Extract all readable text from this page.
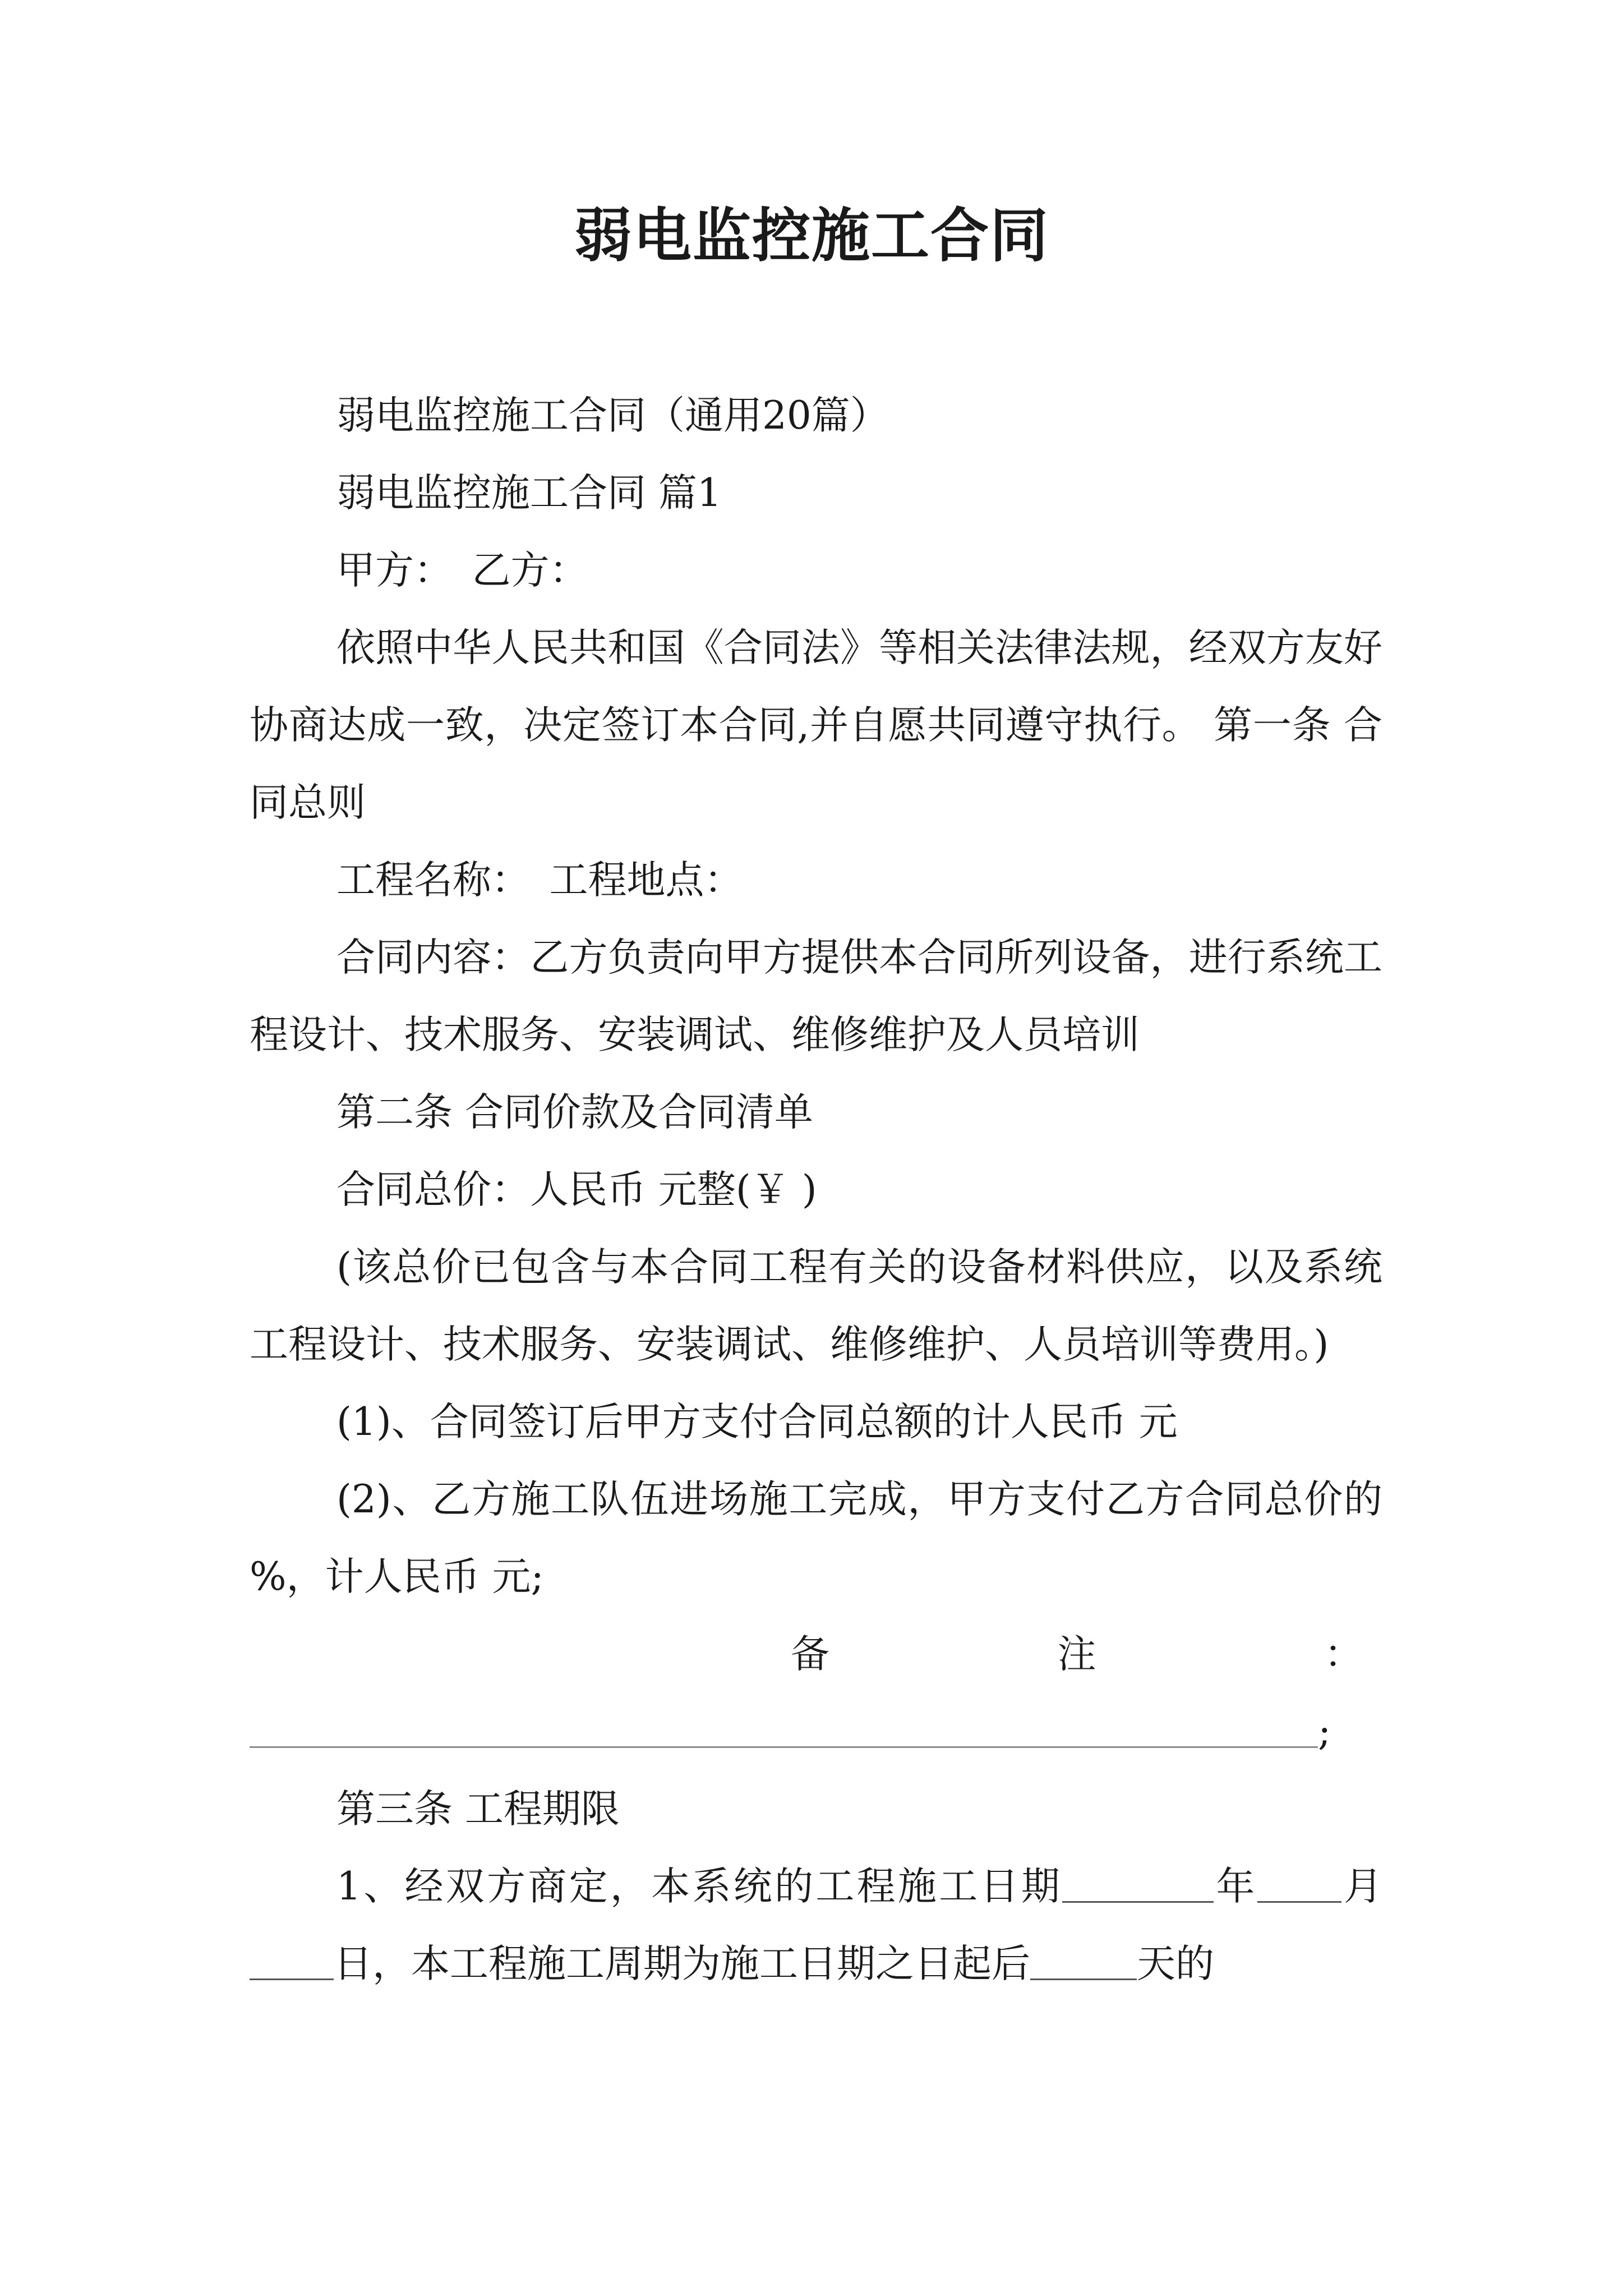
弱电监控施工合同

弱电监控施工合同（通用20篇）

弱电监控施工合同 篇1

甲方：　乙方：

依照中华人民共和国《合同法》等相关法律法规，经双方友好协商达成一致，决定签订本合同,并自愿共同遵守执行。 第一条 合同总则

工程名称：　工程地点：

合同内容：乙方负责向甲方提供本合同所列设备，进行系统工程设计、技术服务、安装调试、维修维护及人员培训

第二条 合同价款及合同清单

合同总价：人民币 元整(￥ )

(该总价已包含与本合同工程有关的设备材料供应，以及系统工程设计、技术服务、安装调试、维修维护、人员培训等费用。)

(1)、合同签订后甲方支付合同总额的计人民币 元

(2)、乙方施工队伍进场施工完成，甲方支付乙方合同总价的 %，计人民币 元;

备	注	：
;

第三条 工程期限

1、经双方商定，本系统的工程施工日期	年 月日，本工程施工周期为施工日期之日起后	天的
